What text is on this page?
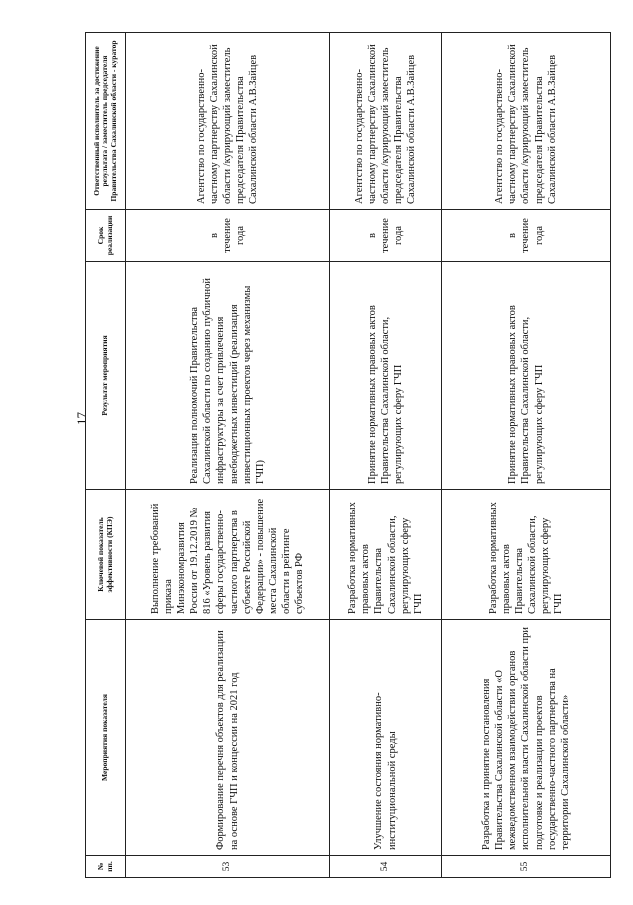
17
№ пп.	Мероприятия показателя	Ключевой показатель эффективности (КПЭ)	Результат мероприятия	Срок реализации	Ответственный исполнитель за достижение результата / заместитель председателя Правительства Сахалинской области - куратор
53	Формирование перечня объектов для реализации на основе ГЧП и концессии на 2021 год	Выполнение требований приказа Минэкономразвития России от 19.12.2019 № 816 «Уровень развития сферы государственно-частного партнерства в субъекте Российской Федерации» - повышение места Сахалинской области в рейтинге субъектов РФ	Реализация полномочий Правительства Сахалинской области по созданию публичной инфраструктуры за счет привлечения внебюджетных инвестиций (реализация инвестиционных проектов через механизмы ГЧП)	в течение года	Агентство по государственно-частному партнерству Сахалинской области /курирующий заместитель председателя Правительства Сахалинской области А.В.Зайцев
54	Улучшение состояния нормативно-институциональной среды	Разработка нормативных правовых актов Правительства Сахалинской области, регулирующих сферу ГЧП	Принятие нормативных правовых актов Правительства Сахалинской области, регулирующих сферу ГЧП	в течение года	Агентство по государственно-частному партнерству Сахалинской области /курирующий заместитель председателя Правительства Сахалинской области А.В.Зайцев
55	Разработка и принятие постановления Правительства Сахалинской области «О межведомственном взаимодействии органов исполнительной власти Сахалинской области при подготовке и реализации проектов государственно-частного партнерства на территории Сахалинской области»	Разработка нормативных правовых актов Правительства Сахалинской области, регулирующих сферу ГЧП	Принятие нормативных правовых актов Правительства Сахалинской области, регулирующих сферу ГЧП	в течение года	Агентство по государственно-частному партнерству Сахалинской области /курирующий заместитель председателя Правительства Сахалинской области А.В.Зайцев
